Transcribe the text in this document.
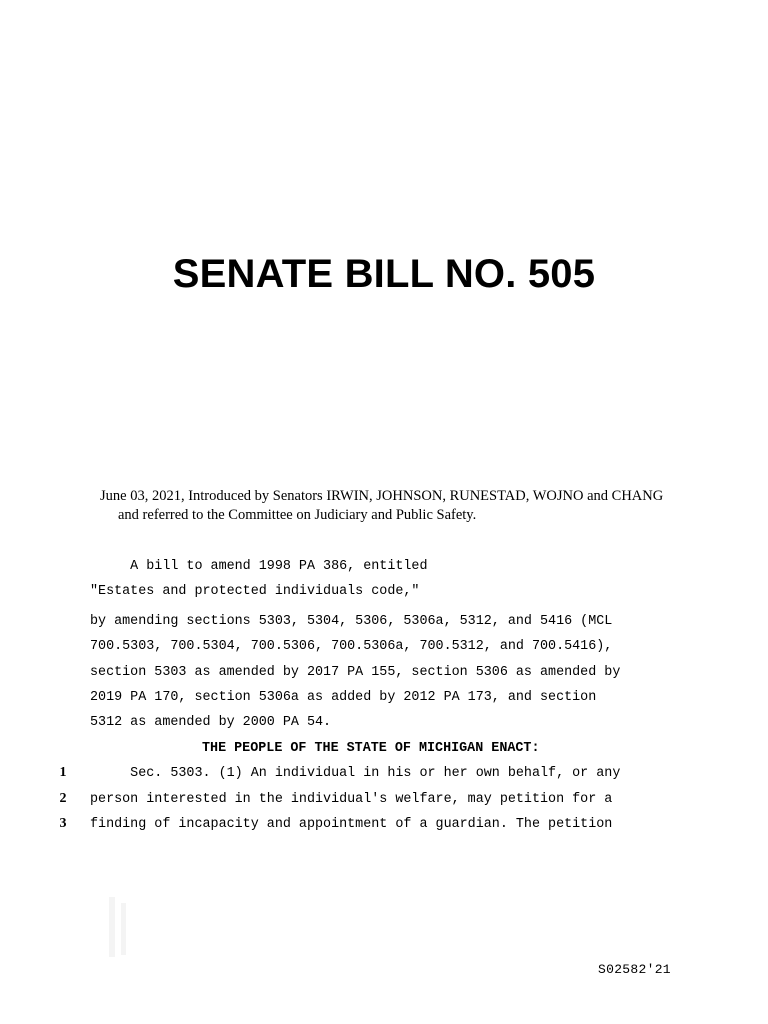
SENATE BILL NO. 505
June 03, 2021, Introduced by Senators IRWIN, JOHNSON, RUNESTAD, WOJNO and CHANG
and referred to the Committee on Judiciary and Public Safety.
A bill to amend 1998 PA 386, entitled
"Estates and protected individuals code,"
by amending sections 5303, 5304, 5306, 5306a, 5312, and 5416 (MCL
700.5303, 700.5304, 700.5306, 700.5306a, 700.5312, and 700.5416),
section 5303 as amended by 2017 PA 155, section 5306 as amended by
2019 PA 170, section 5306a as added by 2012 PA 173, and section
5312 as amended by 2000 PA 54.
THE PEOPLE OF THE STATE OF MICHIGAN ENACT:
1 Sec. 5303. (1) An individual in his or her own behalf, or any
2 person interested in the individual's welfare, may petition for a
3 finding of incapacity and appointment of a guardian. The petition
S02582'21
